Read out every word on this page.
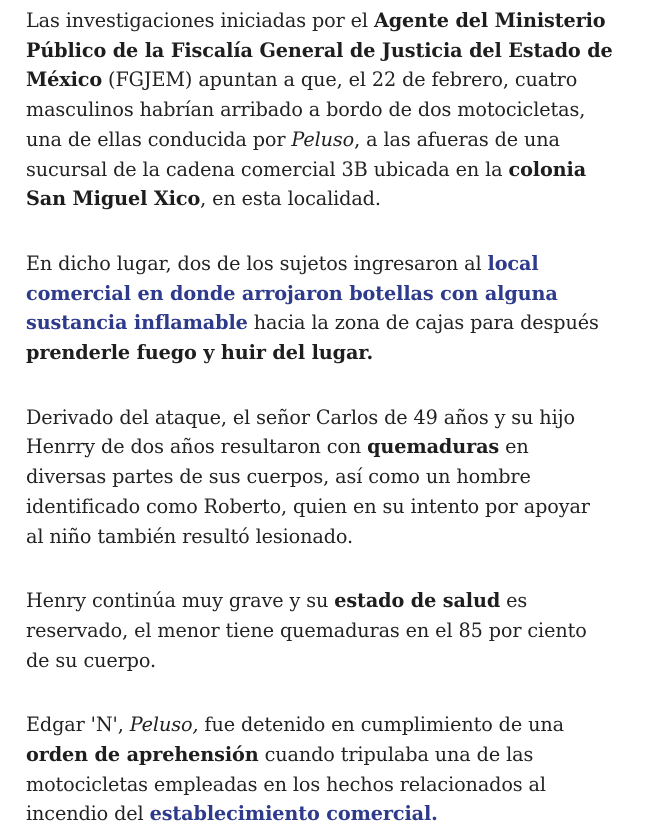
Las investigaciones iniciadas por el Agente del Ministerio
Público de la Fiscalía General de Justicia del Estado de
México (FGJEM) apuntan a que, el 22 de febrero, cuatro
masculinos habrían arribado a bordo de dos motocicletas,
una de ellas conducida por Peluso, a las afueras de una
sucursal de la cadena comercial 3B ubicada en la colonia
San Miguel Xico, en esta localidad.

En dicho lugar, dos de los sujetos ingresaron al local
comercial en donde arrojaron botellas con alguna
sustancia inflamable hacia la zona de cajas para después
prenderle fuego y huir del lugar.

Derivado del ataque, el señor Carlos de 49 años y su hijo
Henrry de dos años resultaron con quemaduras en
diversas partes de sus cuerpos, así como un hombre
identificado como Roberto, quien en su intento por apoyar
al niño también resultó lesionado.

Henry continúa muy grave y su estado de salud es
reservado, el menor tiene quemaduras en el 85 por ciento
de su cuerpo.

Edgar 'N', Peluso, fue detenido en cumplimiento de una
orden de aprehensión cuando tripulaba una de las
motocicletas empleadas en los hechos relacionados al
incendio del establecimiento comercial.
